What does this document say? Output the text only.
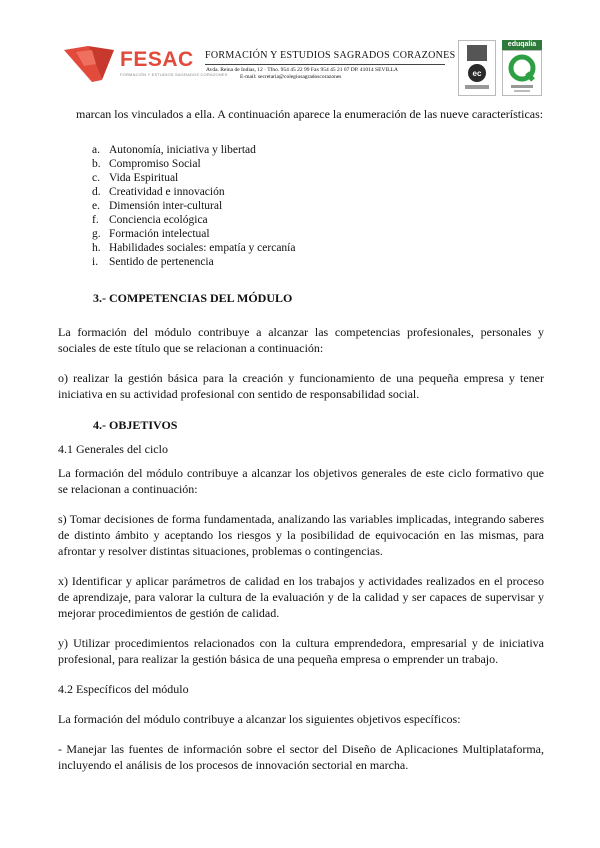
FESAC
FORMACIÓN Y ESTUDIOS SAGRADOS CORAZONES
FORMACIÓN Y ESTUDIOS SAGRADOS CORAZONES
Avda. Reina de Indias, 12 · Tfno. 954 45 22 99 Fax 954 45 21 07 DP. 41014 SEVILLA
E-mail: secretaria@colegiosagradoscorazones	ec
eduqalia

marcan los vinculados a ella. A continuación aparece la enumeración de las nueve características:

a. Autonomía, iniciativa y libertad
b. Compromiso Social
c. Vida Espiritual
d. Creatividad e innovación
e. Dimensión inter-cultural
f. Conciencia ecológica
g. Formación intelectual
h. Habilidades sociales: empatía y cercanía
i. Sentido de pertenencia

3.- COMPETENCIAS DEL MÓDULO

La formación del módulo contribuye a alcanzar las competencias profesionales, personales y sociales de este título que se relacionan a continuación:

o) realizar la gestión básica para la creación y funcionamiento de una pequeña empresa y tener iniciativa en su actividad profesional con sentido de responsabilidad social.

4.- OBJETIVOS

4.1 Generales del ciclo

La formación del módulo contribuye a alcanzar los objetivos generales de este ciclo formativo que se relacionan a continuación:

s) Tomar decisiones de forma fundamentada, analizando las variables implicadas, integrando saberes de distinto ámbito y aceptando los riesgos y la posibilidad de equivocación en las mismas, para afrontar y resolver distintas situaciones, problemas o contingencias.

x) Identificar y aplicar parámetros de calidad en los trabajos y actividades realizados en el proceso de aprendizaje, para valorar la cultura de la evaluación y de la calidad y ser capaces de supervisar y mejorar procedimientos de gestión de calidad.

y) Utilizar procedimientos relacionados con la cultura emprendedora, empresarial y de iniciativa profesional, para realizar la gestión básica de una pequeña empresa o emprender un trabajo.

4.2 Específicos del módulo

La formación del módulo contribuye a alcanzar los siguientes objetivos específicos:

- Manejar las fuentes de información sobre el sector del Diseño de Aplicaciones Multiplataforma, incluyendo el análisis de los procesos de innovación sectorial en marcha.
